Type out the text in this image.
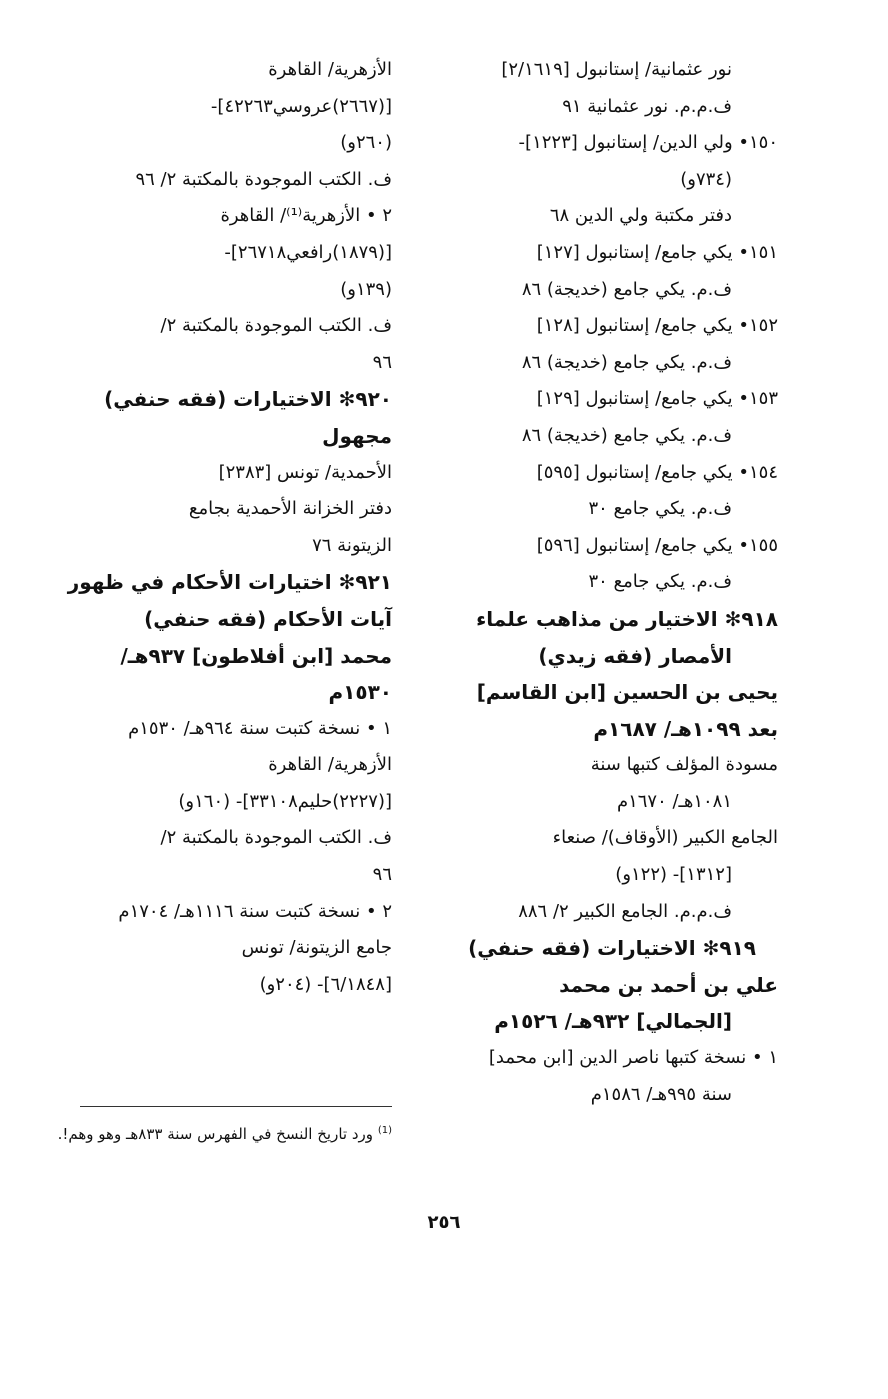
نور عثمانية/ إستانبول [٢/١٦١٩]
ف.م.م. نور عثمانية ٩١
١٥٠• ولي الدين/ إستانبول [١٢٢٣]-
(٧٣٤و)
دفتر مكتبة ولي الدين ٦٨
١٥١• يكي جامع/ إستانبول [١٢٧]
ف.م. يكي جامع (خديجة) ٨٦
١٥٢• يكي جامع/ إستانبول [١٢٨]
ف.م. يكي جامع (خديجة) ٨٦
١٥٣• يكي جامع/ إستانبول [١٢٩]
ف.م. يكي جامع (خديجة) ٨٦
١٥٤• يكي جامع/ إستانبول [٥٩٥]
ف.م. يكي جامع ٣٠
١٥٥• يكي جامع/ إستانبول [٥٩٦]
ف.م. يكي جامع ٣٠
٩١٨✻ الاختيار من مذاهب علماء
الأمصار (فقه زيدي)
يحيى بن الحسين [ابن القاسم]
بعد ١٠٩٩هـ/ ١٦٨٧م
مسودة المؤلف كتبها سنة
١٠٨١هـ/ ١٦٧٠م
الجامع الكبير (الأوقاف)/ صنعاء
[١٣١٢]- (١٢٢و)
ف.م.م. الجامع الكبير ٢/ ٨٨٦
٩١٩✻ الاختيارات (فقه حنفي)
علي بن أحمد بن محمد
[الجمالي] ٩٣٢هـ/ ١٥٢٦م
١ • نسخة كتبها ناصر الدين [ابن محمد]
سنة ٩٩٥هـ/ ١٥٨٦م
الأزهرية/ القاهرة
[(٢٦٦٧)عروسي٤٢٢٦٣]-
(٢٦٠و)
ف. الكتب الموجودة بالمكتبة ٢/ ٩٦
٢ • الأزهرية⁽¹⁾/ القاهرة
[(١٨٧٩)رافعي٢٦٧١٨]-
(١٣٩و)
ف. الكتب الموجودة بالمكتبة ٢/
٩٦
٩٢٠✻ الاختيارات (فقه حنفي)
مجهول
الأحمدية/ تونس [٢٣٨٣]
دفتر الخزانة الأحمدية بجامع
الزيتونة ٧٦
٩٢١✻ اختيارات الأحكام في ظهور
آيات الأحكام (فقه حنفي)
محمد [ابن أفلاطون] ٩٣٧هـ/
١٥٣٠م
١ • نسخة كتبت سنة ٩٦٤هـ/ ١٥٣٠م
الأزهرية/ القاهرة
[(٢٢٢٧)حليم٣٣١٠٨]- (١٦٠و)
ف. الكتب الموجودة بالمكتبة ٢/
٩٦
٢ • نسخة كتبت سنة ١١١٦هـ/ ١٧٠٤م
جامع الزيتونة/ تونس
[٦/١٨٤٨]- (٢٠٤و)
$^{(1)}$ ورد تاريخ النسخ في الفهرس سنة ٨٣٣هـ وهو وهم!.
٢٥٦
